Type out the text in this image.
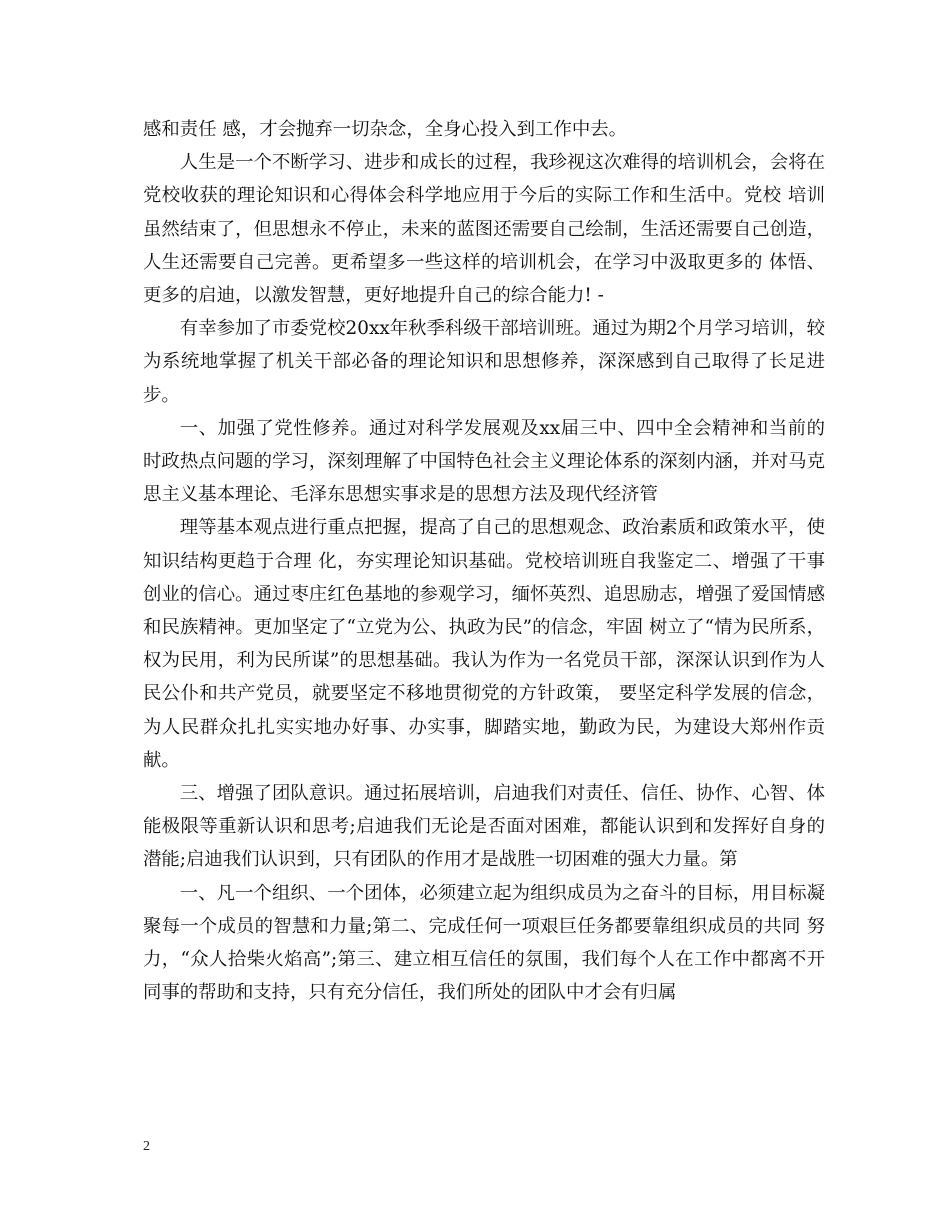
感和责任 感，才会抛弃一切杂念，全身心投入到工作中去。

人生是一个不断学习、进步和成长的过程，我珍视这次难得的培训机会，会将在党校收获的理论知识和心得体会科学地应用于今后的实际工作和生活中。党校 培训虽然结束了，但思想永不停止，未来的蓝图还需要自己绘制，生活还需要自己创造，人生还需要自己完善。更希望多一些这样的培训机会，在学习中汲取更多的 体悟、更多的启迪，以激发智慧，更好地提升自己的综合能力! -

有幸参加了市委党校20xx年秋季科级干部培训班。通过为期2个月学习培训，较为系统地掌握了机关干部必备的理论知识和思想修养，深深感到自己取得了长足进步。

一、加强了党性修养。通过对科学发展观及xx届三中、四中全会精神和当前的时政热点问题的学习，深刻理解了中国特色社会主义理论体系的深刻内涵，并对马克 思主义基本理论、毛泽东思想实事求是的思想方法及现代经济管

理等基本观点进行重点把握，提高了自己的思想观念、政治素质和政策水平，使知识结构更趋于合理 化，夯实理论知识基础。党校培训班自我鉴定二、增强了干事创业的信心。通过枣庄红色基地的参观学习，缅怀英烈、追思励志，增强了爱国情感和民族精神。更加坚定了“立党为公、执政为民”的信念，牢固 树立了“情为民所系，权为民用，利为民所谋”的思想基础。我认为作为一名党员干部，深深认识到作为人民公仆和共产党员，就要坚定不移地贯彻党的方针政策， 要坚定科学发展的信念，为人民群众扎扎实实地办好事、办实事，脚踏实地，勤政为民，为建设大郑州作贡献。

三、增强了团队意识。通过拓展培训，启迪我们对责任、信任、协作、心智、体能极限等重新认识和思考;启迪我们无论是否面对困难，都能认识到和发挥好自身的潜能;启迪我们认识到，只有团队的作用才是战胜一切困难的强大力量。第

一、凡一个组织、一个团体，必须建立起为组织成员为之奋斗的目标，用目标凝聚每一个成员的智慧和力量;第二、完成任何一项艰巨任务都要靠组织成员的共同 努力，“众人拾柴火焰高”;第三、建立相互信任的氛围，我们每个人在工作中都离不开同事的帮助和支持，只有充分信任，我们所处的团队中才会有归属

2
